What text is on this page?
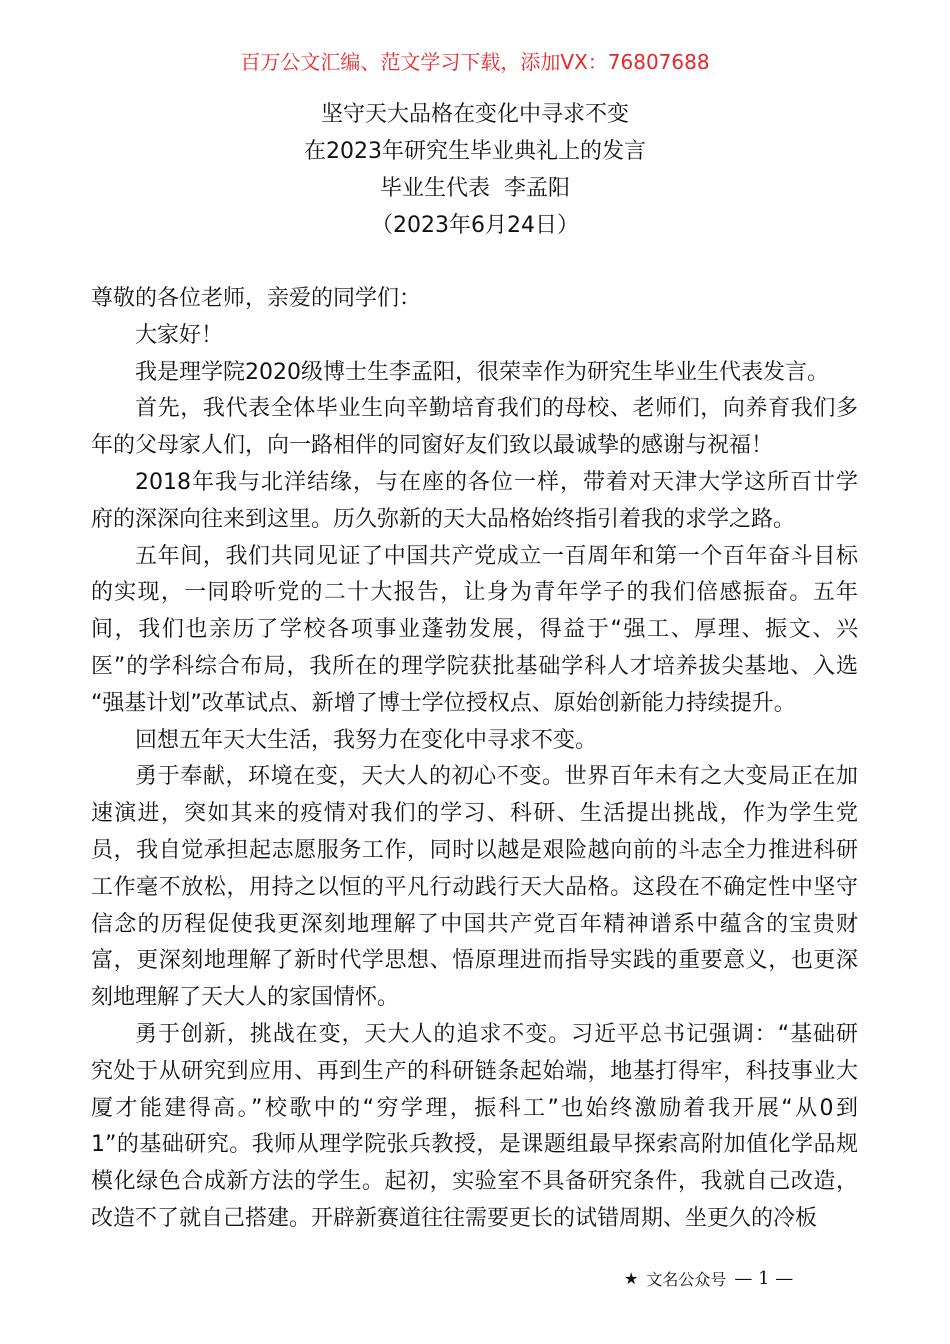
百万公文汇编、范文学习下载，添加VX：76807688
坚守天大品格在变化中寻求不变
在2023年研究生毕业典礼上的发言
毕业生代表  李孟阳
（2023年6月24日）
尊敬的各位老师，亲爱的同学们：
大家好！
我是理学院2020级博士生李孟阳，很荣幸作为研究生毕业生代表发言。
首先，我代表全体毕业生向辛勤培育我们的母校、老师们，向养育我们多
年的父母家人们，向一路相伴的同窗好友们致以最诚挚的感谢与祝福！
2018年我与北洋结缘，与在座的各位一样，带着对天津大学这所百廿学
府的深深向往来到这里。历久弥新的天大品格始终指引着我的求学之路。
五年间，我们共同见证了中国共产党成立一百周年和第一个百年奋斗目标
的实现，一同聆听党的二十大报告，让身为青年学子的我们倍感振奋。五年
间，我们也亲历了学校各项事业蓬勃发展，得益于“强工、厚理、振文、兴
医”的学科综合布局，我所在的理学院获批基础学科人才培养拔尖基地、入选
“强基计划”改革试点、新增了博士学位授权点、原始创新能力持续提升。
回想五年天大生活，我努力在变化中寻求不变。
勇于奉献，环境在变，天大人的初心不变。世界百年未有之大变局正在加
速演进，突如其来的疫情对我们的学习、科研、生活提出挑战，作为学生党
员，我自觉承担起志愿服务工作，同时以越是艰险越向前的斗志全力推进科研
工作毫不放松，用持之以恒的平凡行动践行天大品格。这段在不确定性中坚守
信念的历程促使我更深刻地理解了中国共产党百年精神谱系中蕴含的宝贵财
富，更深刻地理解了新时代学思想、悟原理进而指导实践的重要意义，也更深
刻地理解了天大人的家国情怀。
勇于创新，挑战在变，天大人的追求不变。习近平总书记强调：“基础研
究处于从研究到应用、再到生产的科研链条起始端，地基打得牢，科技事业大
厦才能建得高。”校歌中的“穷学理，振科工”也始终激励着我开展“从0到
1”的基础研究。我师从理学院张兵教授，是课题组最早探索高附加值化学品规
模化绿色合成新方法的学生。起初，实验室不具备研究条件，我就自己改造，
改造不了就自己搭建。开辟新赛道往往需要更长的试错周期、坐更久的冷板
★ 文名公众号 — 1 —
